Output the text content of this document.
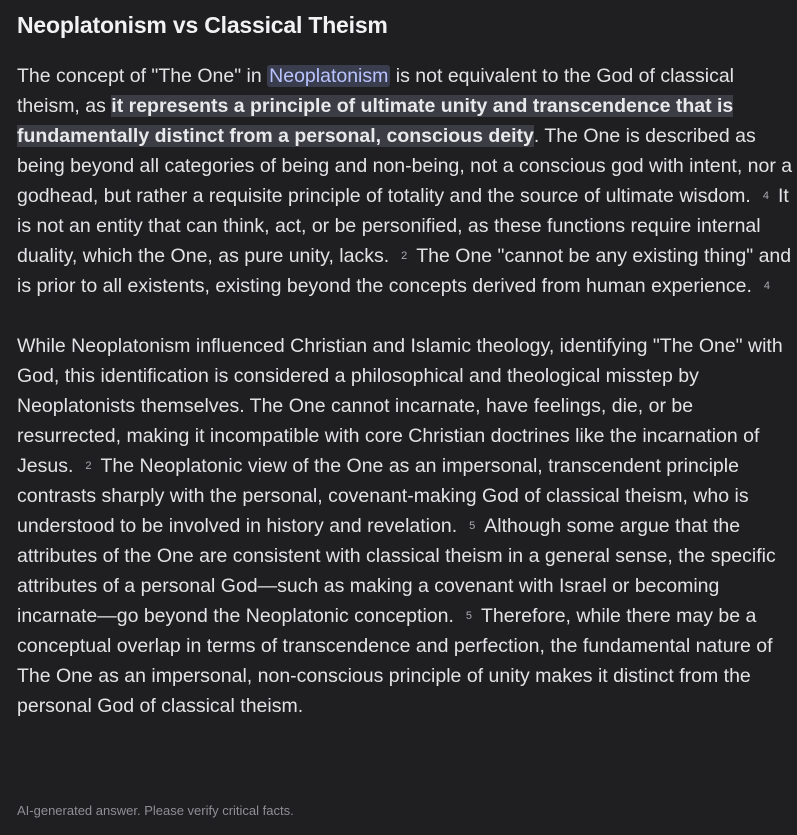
Neoplatonism vs Classical Theism

The concept of "The One" in Neoplatonism is not equivalent to the God of classical theism, as it represents a principle of ultimate unity and transcendence that is fundamentally distinct from a personal, conscious deity. The One is described as being beyond all categories of being and non-being, not a conscious god with intent, nor a godhead, but rather a requisite principle of totality and the source of ultimate wisdom. 4 It is not an entity that can think, act, or be personified, as these functions require internal duality, which the One, as pure unity, lacks. 2 The One "cannot be any existing thing" and is prior to all existents, existing beyond the concepts derived from human experience. 4

While Neoplatonism influenced Christian and Islamic theology, identifying "The One" with God, this identification is considered a philosophical and theological misstep by Neoplatonists themselves. The One cannot incarnate, have feelings, die, or be resurrected, making it incompatible with core Christian doctrines like the incarnation of Jesus. 2 The Neoplatonic view of the One as an impersonal, transcendent principle contrasts sharply with the personal, covenant-making God of classical theism, who is understood to be involved in history and revelation. 5 Although some argue that the attributes of the One are consistent with classical theism in a general sense, the specific attributes of a personal God—such as making a covenant with Israel or becoming incarnate—go beyond the Neoplatonic conception. 5 Therefore, while there may be a conceptual overlap in terms of transcendence and perfection, the fundamental nature of The One as an impersonal, non-conscious principle of unity makes it distinct from the personal God of classical theism.

AI-generated answer. Please verify critical facts.
